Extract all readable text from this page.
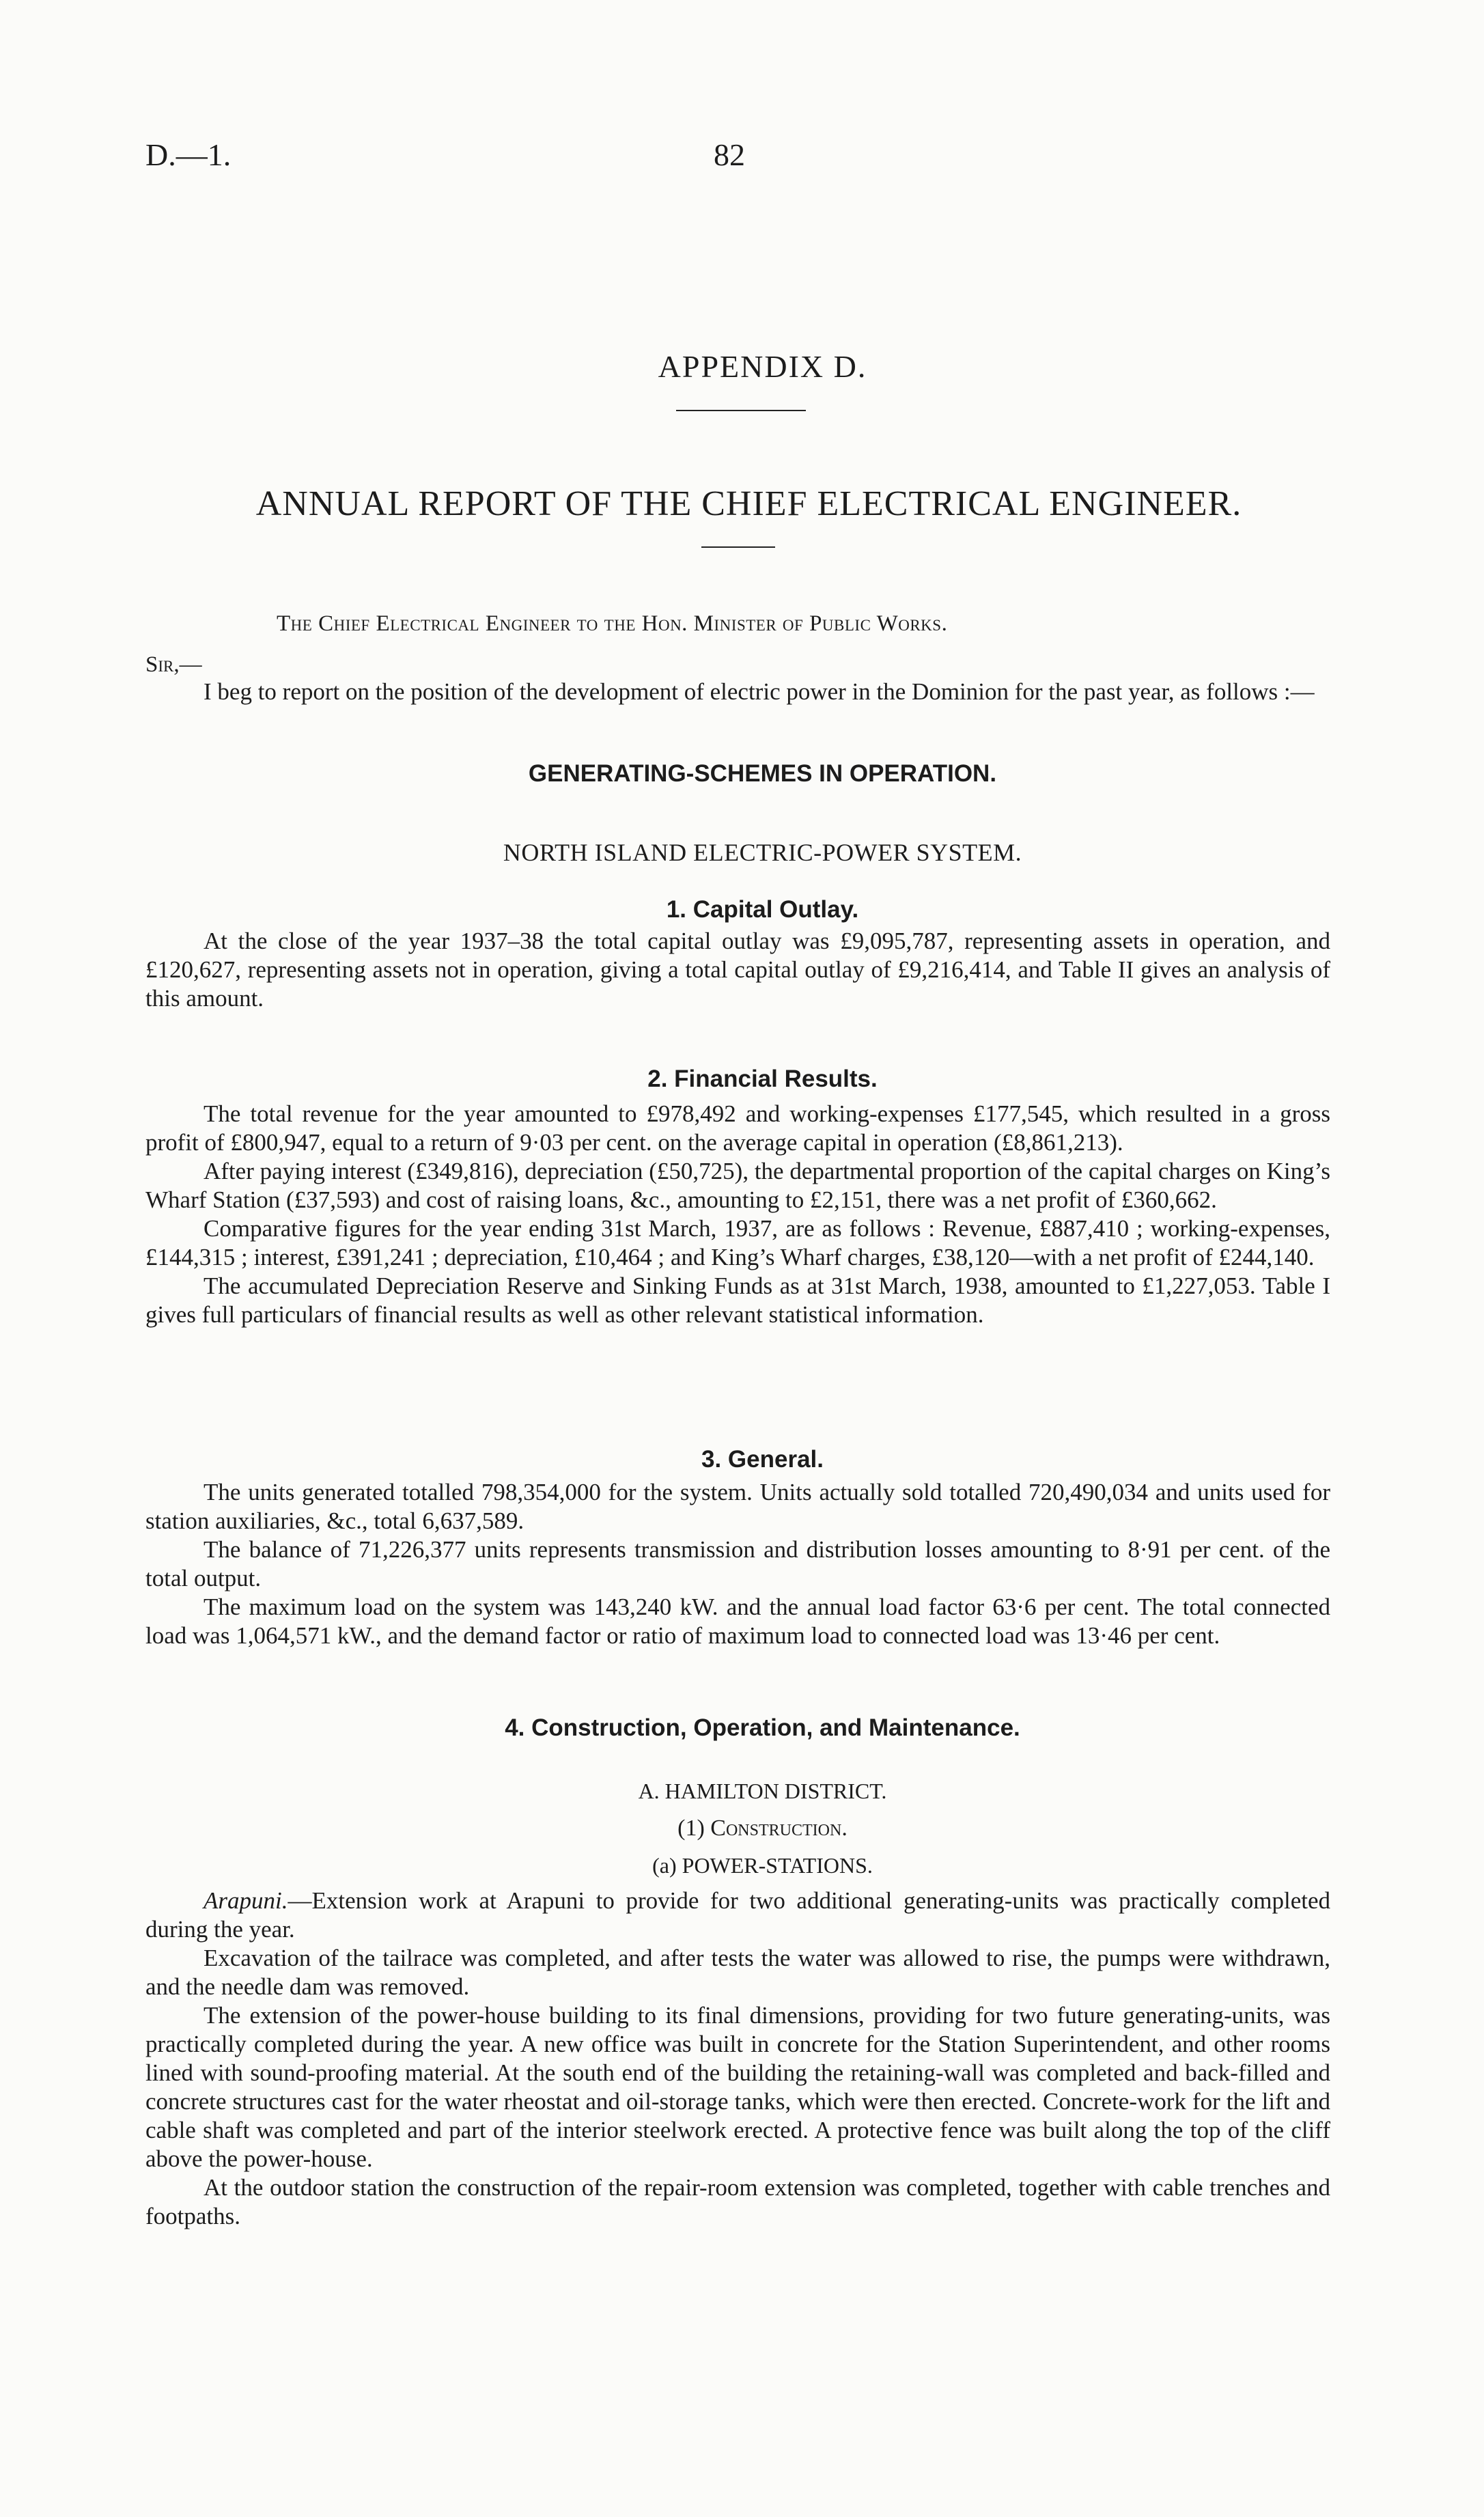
D.—1.	82
APPENDIX D.
ANNUAL REPORT OF THE CHIEF ELECTRICAL ENGINEER.
The Chief Electrical Engineer to the Hon. Minister of Public Works.
Sir,—

I beg to report on the position of the development of electric power in the Dominion for the past year, as follows :—

GENERATING-SCHEMES IN OPERATION.
NORTH ISLAND ELECTRIC-POWER SYSTEM.
1. Capital Outlay.

At the close of the year 1937–38 the total capital outlay was £9,095,787, representing assets in operation, and £120,627, representing assets not in operation, giving a total capital outlay of £9,216,414, and Table II gives an analysis of this amount.

2. Financial Results.

The total revenue for the year amounted to £978,492 and working-expenses £177,545, which resulted in a gross profit of £800,947, equal to a return of 9·03 per cent. on the average capital in operation (£8,861,213).

After paying interest (£349,816), depreciation (£50,725), the departmental proportion of the capital charges on King’s Wharf Station (£37,593) and cost of raising loans, &c., amounting to £2,151, there was a net profit of £360,662.

Comparative figures for the year ending 31st March, 1937, are as follows : Revenue, £887,410 ; working-expenses, £144,315 ; interest, £391,241 ; depreciation, £10,464 ; and King’s Wharf charges, £38,120—with a net profit of £244,140.

The accumulated Depreciation Reserve and Sinking Funds as at 31st March, 1938, amounted to £1,227,053. Table I gives full particulars of financial results as well as other relevant statistical information.

3. General.

The units generated totalled 798,354,000 for the system. Units actually sold totalled 720,490,034 and units used for station auxiliaries, &c., total 6,637,589.

The balance of 71,226,377 units represents transmission and distribution losses amounting to 8·91 per cent. of the total output.

The maximum load on the system was 143,240 kW. and the annual load factor 63·6 per cent. The total connected load was 1,064,571 kW., and the demand factor or ratio of maximum load to connected load was 13·46 per cent.

4. Construction, Operation, and Maintenance.
A. HAMILTON DISTRICT.
(1) Construction.
(a) POWER-STATIONS.

Arapuni.—Extension work at Arapuni to provide for two additional generating-units was practically completed during the year.

Excavation of the tailrace was completed, and after tests the water was allowed to rise, the pumps were withdrawn, and the needle dam was removed.

The extension of the power-house building to its final dimensions, providing for two future generating-units, was practically completed during the year. A new office was built in concrete for the Station Superintendent, and other rooms lined with sound-proofing material. At the south end of the building the retaining-wall was completed and back-filled and concrete structures cast for the water rheostat and oil-storage tanks, which were then erected. Concrete-work for the lift and cable shaft was completed and part of the interior steelwork erected. A protective fence was built along the top of the cliff above the power-house.

At the outdoor station the construction of the repair-room extension was completed, together with cable trenches and footpaths.
